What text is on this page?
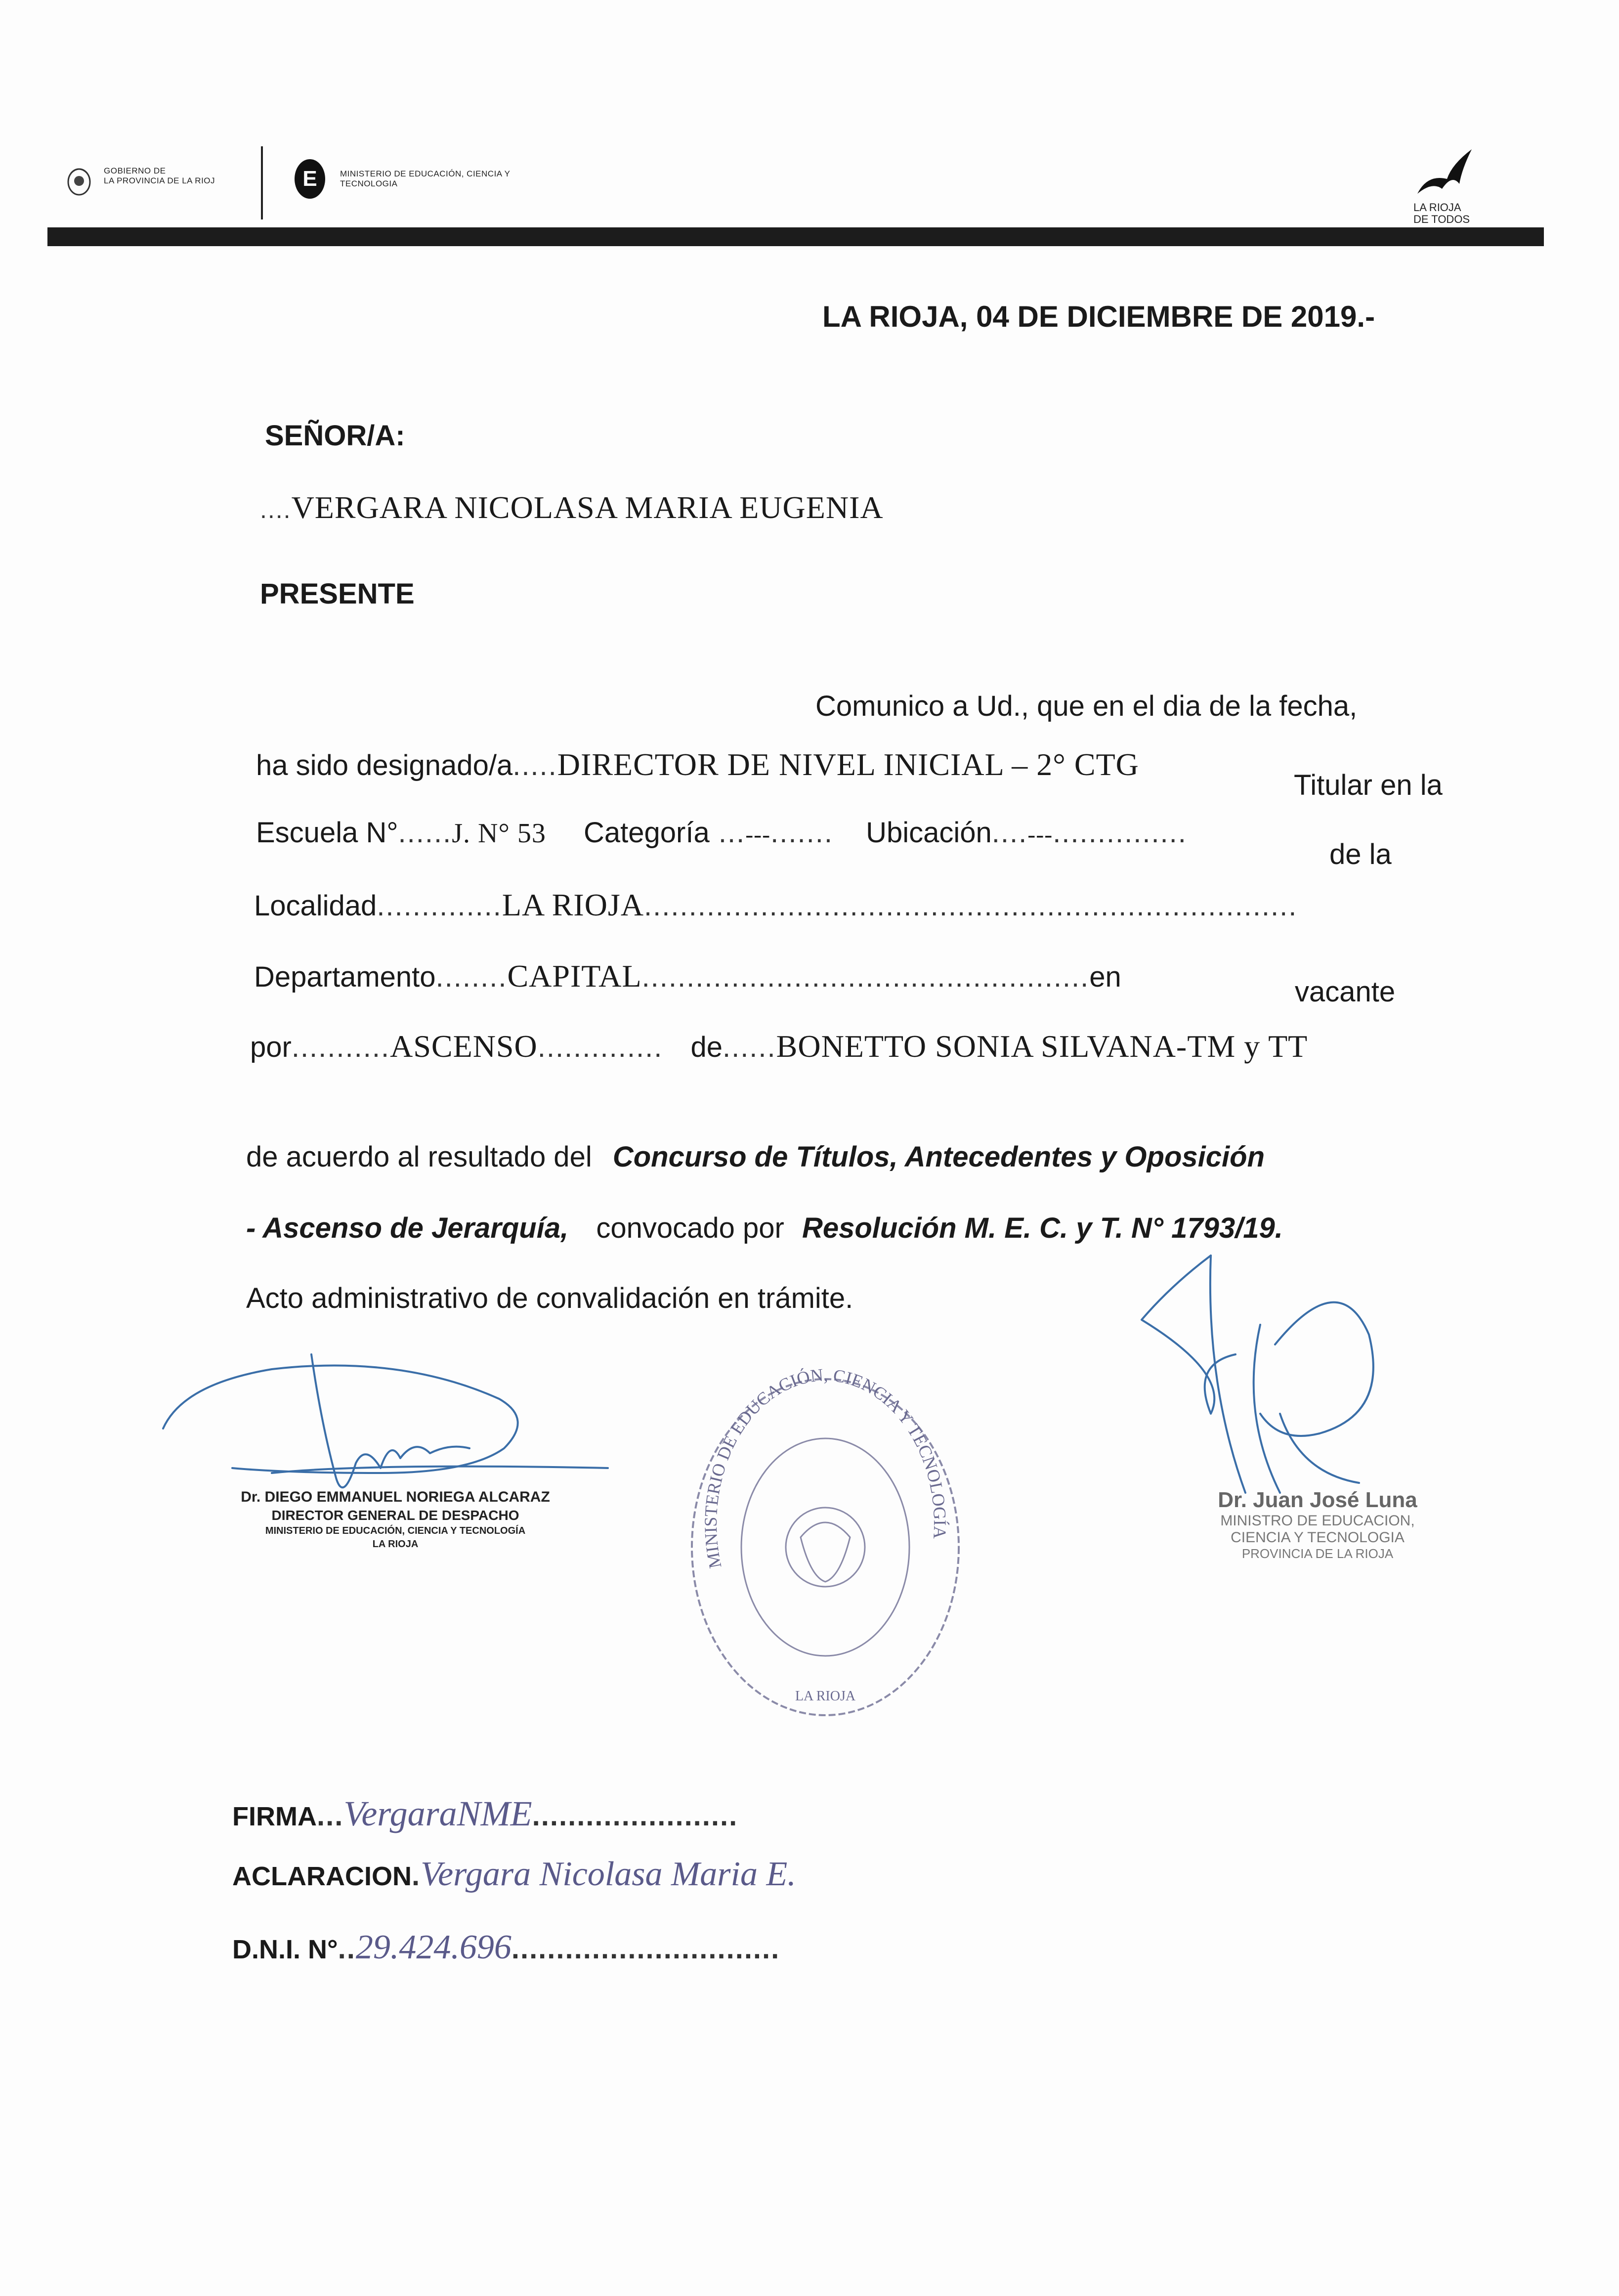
GOBIERNO DE
LA PROVINCIA DE LA RIOJ	E	MINISTERIO DE EDUCACIÓN, CIENCIA Y
TECNOLOGIA
LA RIOJA
DE TODOS
LA RIOJA, 04 DE DICIEMBRE DE 2019.-
SEÑOR/A:
....VERGARA NICOLASA MARIA EUGENIA
PRESENTE
Comunico a Ud., que en el dia de la fecha,
ha sido designado/a.....DIRECTOR DE NIVEL INICIAL – 2° CTG
Titular en la
Escuela N°......J. N° 53 Categoría ...---....... Ubicación....---...............
de la
Localidad..............LA RIOJA.........................................................................
Departamento........CAPITAL..................................................en	vacante
por...........ASCENSO.............. de......BONETTO SONIA SILVANA-TM y TT
de acuerdo al resultado del Concurso de Títulos, Antecedentes y Oposición
- Ascenso de Jerarquía, convocado por Resolución M. E. C. y T. N° 1793/19.
Acto administrativo de convalidación en trámite.
Dr. DIEGO EMMANUEL NORIEGA ALCARAZ
DIRECTOR GENERAL DE DESPACHO
MINISTERIO DE EDUCACIÓN, CIENCIA Y TECNOLOGÍA
LA RIOJA
MINISTERIO DE EDUCACIÓN, CIENCIA Y TECNOLOGÍA
LA RIOJA
Dr. Juan José Luna
MINISTRO DE EDUCACION,
CIENCIA Y TECNOLOGIA
PROVINCIA DE LA RIOJA
FIRMA...VergaraNME.......................
ACLARACION.Vergara Nicolasa Maria E.
D.N.I. N°..29.424.696..............................
